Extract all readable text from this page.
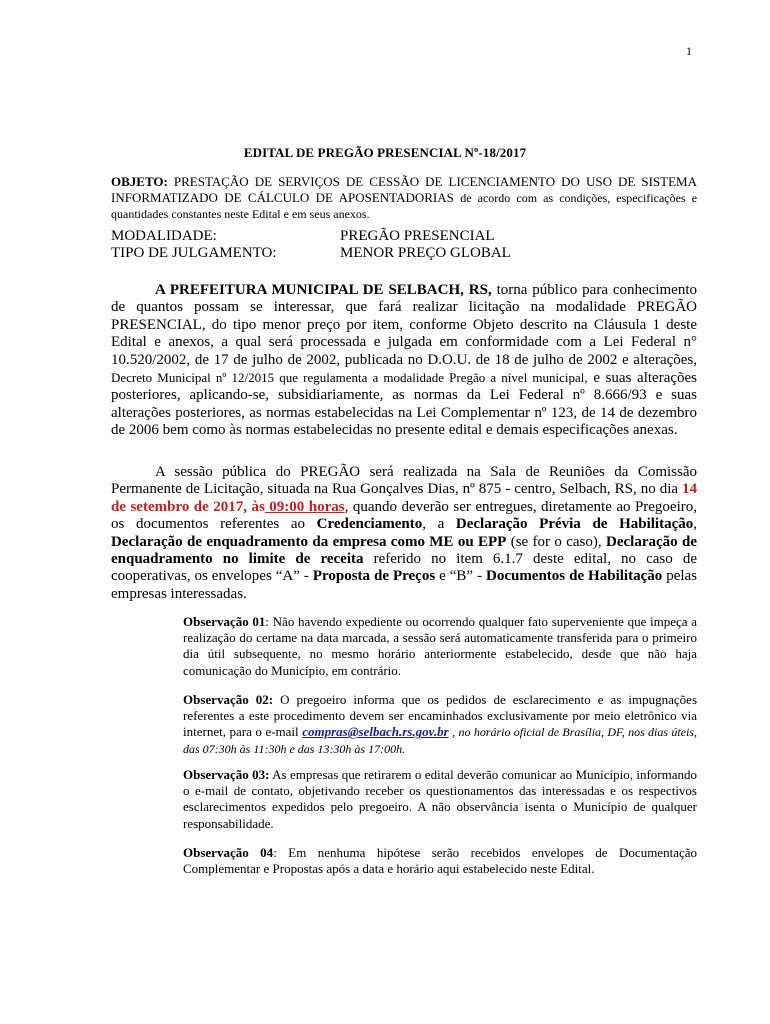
1
EDITAL DE PREGÃO PRESENCIAL Nº-18/2017
OBJETO: PRESTAÇÃO DE SERVIÇOS DE CESSÃO DE LICENCIAMENTO DO USO DE SISTEMA INFORMATIZADO DE CÁLCULO DE APOSENTADORIAS de acordo com as condições, especificações e quantidades constantes neste Edital e em seus anexos.
MODALIDADE:	PREGÃO PRESENCIAL
TIPO DE JULGAMENTO:	MENOR PREÇO GLOBAL
A PREFEITURA MUNICIPAL DE SELBACH, RS, torna público para conhecimento de quantos possam se interessar, que fará realizar licitação na modalidade PREGÃO PRESENCIAL, do tipo menor preço por item, conforme Objeto descrito na Cláusula 1 deste Edital e anexos, a qual será processada e julgada em conformidade com a Lei Federal n° 10.520/2002, de 17 de julho de 2002, publicada no D.O.U. de 18 de julho de 2002 e alterações, Decreto Municipal nº 12/2015 que regulamenta a modalidade Pregão a nível municipal, e suas alterações posteriores, aplicando-se, subsidiariamente, as normas da Lei Federal nº 8.666/93 e suas alterações posteriores, as normas estabelecidas na Lei Complementar nº 123, de 14 de dezembro de 2006 bem como às normas estabelecidas no presente edital e demais especificações anexas.
A sessão pública do PREGÃO será realizada na Sala de Reuniões da Comissão Permanente de Licitação, situada na Rua Gonçalves Dias, nº 875 - centro, Selbach, RS, no dia 14 de setembro de 2017, às 09:00 horas, quando deverão ser entregues, diretamente ao Pregoeiro, os documentos referentes ao Credenciamento, a Declaração Prévia de Habilitação, Declaração de enquadramento da empresa como ME ou EPP (se for o caso), Declaração de enquadramento no limite de receita referido no item 6.1.7 deste edital, no caso de cooperativas, os envelopes “A” - Proposta de Preços e “B” - Documentos de Habilitação pelas empresas interessadas.
Observação 01: Não havendo expediente ou ocorrendo qualquer fato superveniente que impeça a realização do certame na data marcada, a sessão será automaticamente transferida para o primeiro dia útil subsequente, no mesmo horário anteriormente estabelecido, desde que não haja comunicação do Município, em contrário.
Observação 02: O pregoeiro informa que os pedidos de esclarecimento e as impugnações referentes a este procedimento devem ser encaminhados exclusivamente por meio eletrônico via internet, para o e-mail compras@selbach.rs.gov.br , no horário oficial de Brasília, DF, nos dias úteis, das 07:30h às 11:30h e das 13:30h às 17:00h.
Observação 03: As empresas que retirarem o edital deverão comunicar ao Município, informando o e-mail de contato, objetivando receber os questionamentos das interessadas e os respectivos esclarecimentos expedidos pelo pregoeiro. A não observância isenta o Município de qualquer responsabilidade.
Observação 04: Em nenhuma hipótese serão recebidos envelopes de Documentação Complementar e Propostas após a data e horário aqui estabelecido neste Edital.
